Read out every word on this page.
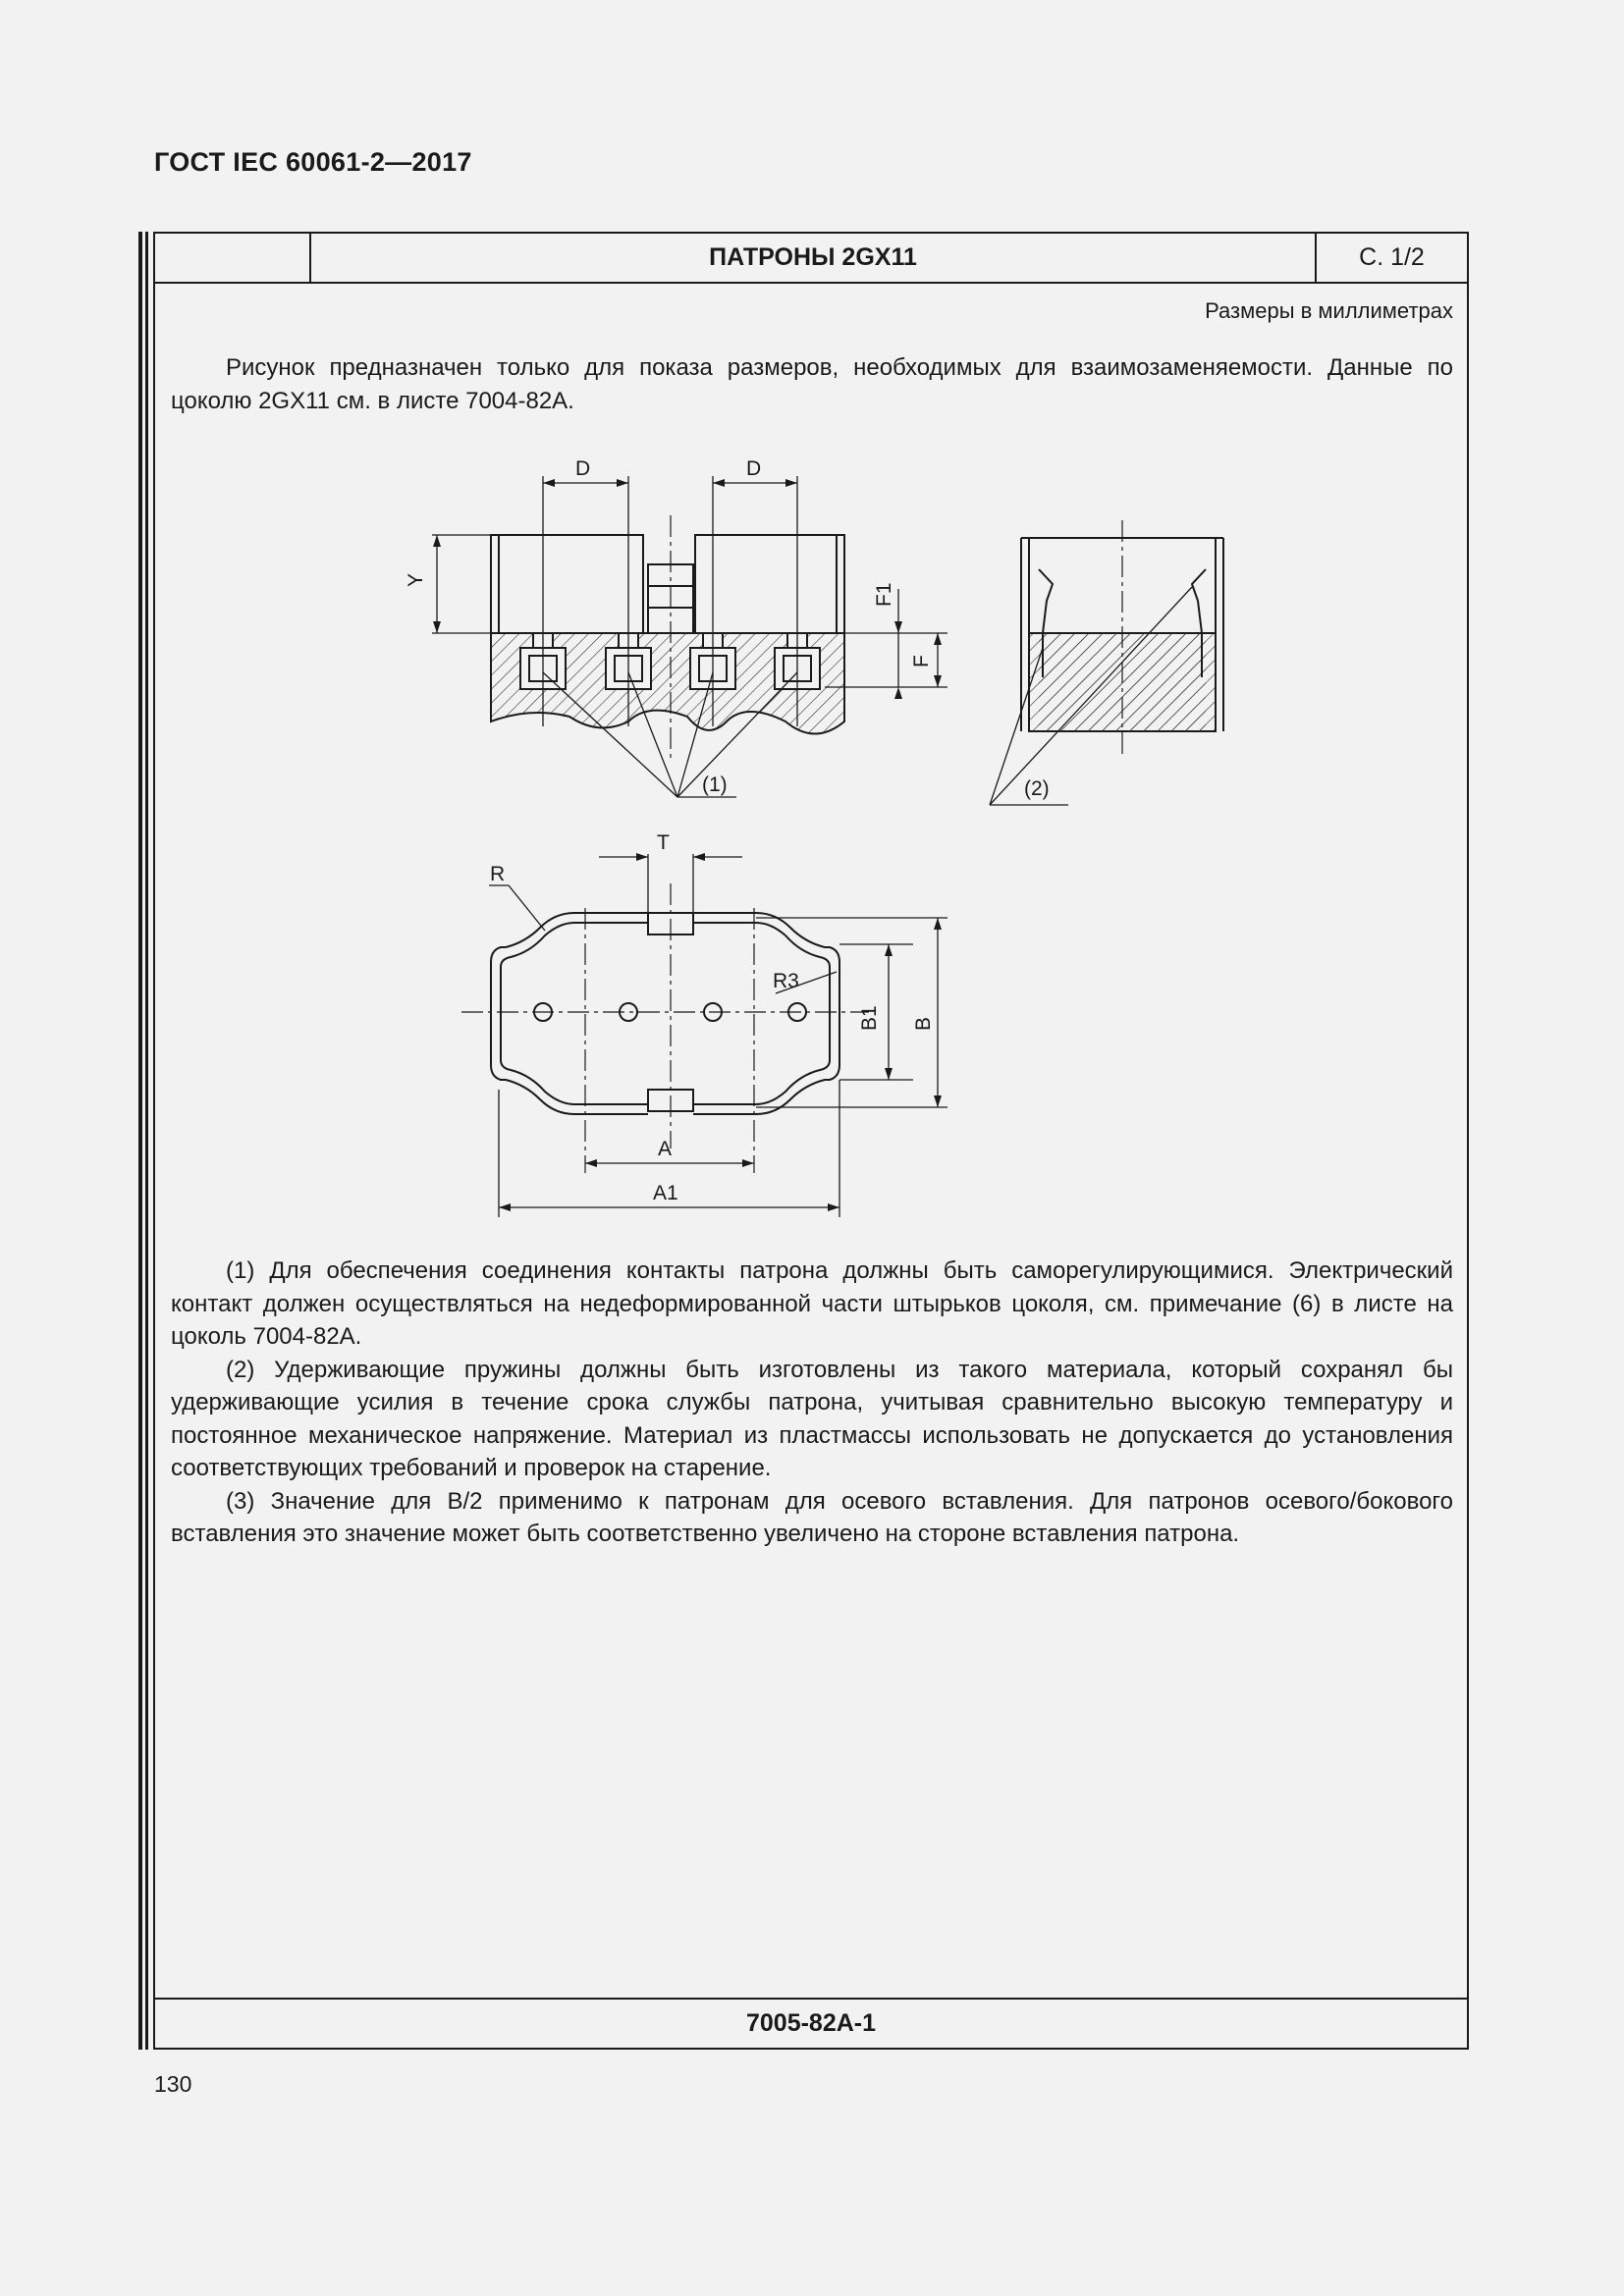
ГОСТ IEC 60061-2—2017
ПАТРОНЫ 2GX11	С. 1/2
Размеры в миллиметрах

Рисунок предназначен только для показа размеров, необходимых для взаимозаменяемости. Данные по цоколю 2GX11 см. в листе 7004-82А.

(1) Для обеспечения соединения контакты патрона должны быть саморегулирующимися. Электрический контакт должен осуществляться на недеформированной части штырьков цоколя, см. примечание (6) в листе на цоколь 7004-82А.

(2) Удерживающие пружины должны быть изготовлены из такого материала, который сохранял бы удерживающие усилия в течение срока службы патрона, учитывая сравнительно высокую температуру и постоянное механическое напряжение. Материал из пластмассы использовать не допускается до установления соответствующих требований и проверок на старение.

(3) Значение для В/2 применимо к патронам для осевого вставления. Для патронов осевого/бокового вставления это значение может быть соответственно увеличено на стороне вставления патрона.

7005-82А-1
130
D	D
Y
F1
F
(1)	(2)
T
R
R3
B1 B
A
A1
